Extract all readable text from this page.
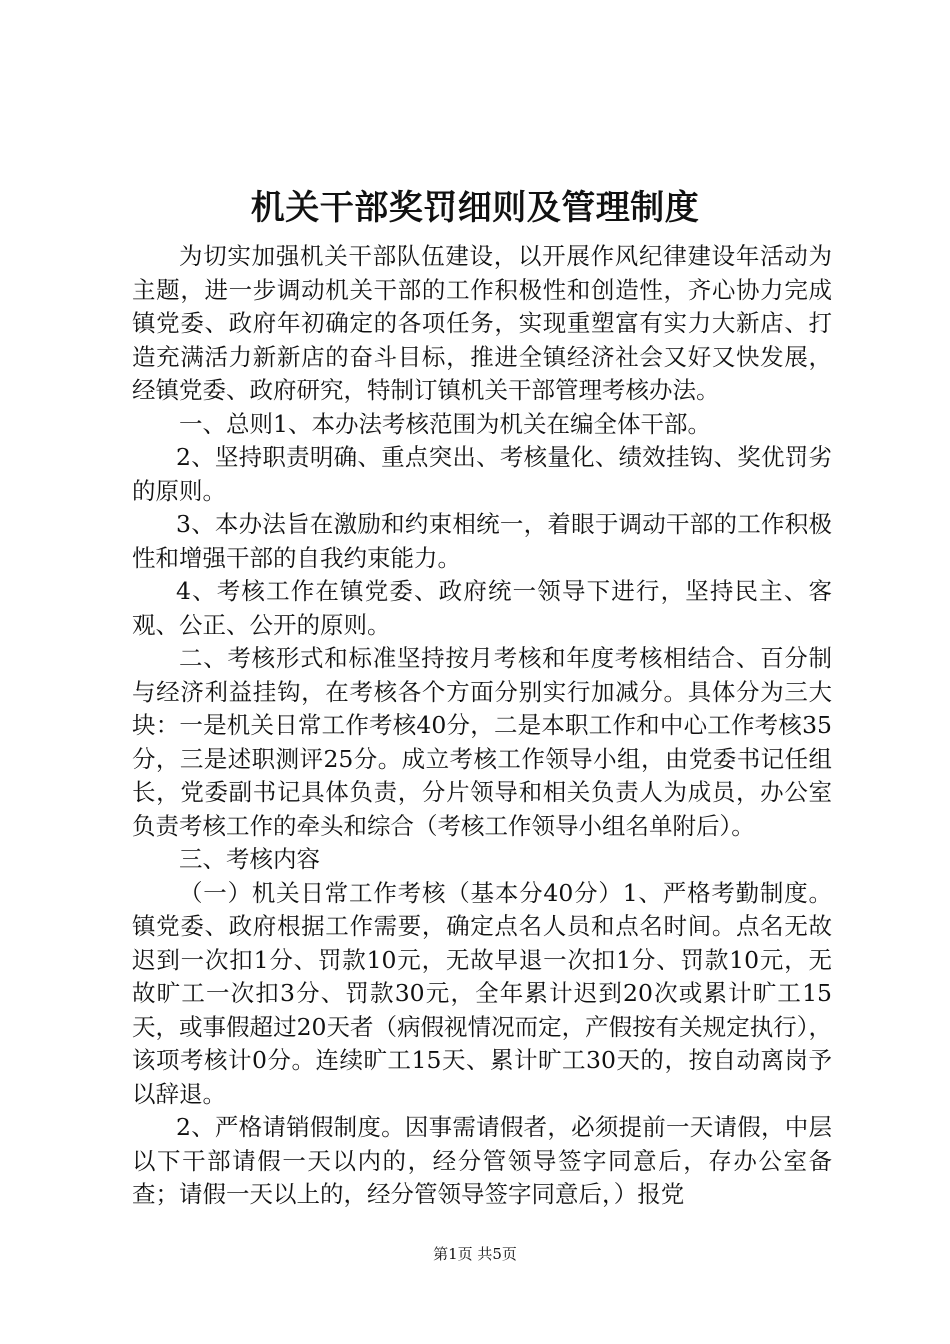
机关干部奖罚细则及管理制度

为切实加强机关干部队伍建设，以开展作风纪律建设年活动为主题，进一步调动机关干部的工作积极性和创造性，齐心协力完成镇党委、政府年初确定的各项任务，实现重塑富有实力大新店、打造充满活力新新店的奋斗目标，推进全镇经济社会又好又快发展，经镇党委、政府研究，特制订镇机关干部管理考核办法。

一、总则1、本办法考核范围为机关在编全体干部。

2、坚持职责明确、重点突出、考核量化、绩效挂钩、奖优罚劣的原则。

3、本办法旨在激励和约束相统一，着眼于调动干部的工作积极性和增强干部的自我约束能力。

4、考核工作在镇党委、政府统一领导下进行，坚持民主、客观、公正、公开的原则。

二、考核形式和标准坚持按月考核和年度考核相结合、百分制与经济利益挂钩，在考核各个方面分别实行加减分。具体分为三大块：一是机关日常工作考核40分，二是本职工作和中心工作考核35分，三是述职测评25分。成立考核工作领导小组，由党委书记任组长，党委副书记具体负责，分片领导和相关负责人为成员，办公室负责考核工作的牵头和综合（考核工作领导小组名单附后）。

三、考核内容

（一）机关日常工作考核（基本分40分）1、严格考勤制度。镇党委、政府根据工作需要，确定点名人员和点名时间。点名无故迟到一次扣1分、罚款10元，无故早退一次扣1分、罚款10元，无故旷工一次扣3分、罚款30元，全年累计迟到20次或累计旷工15天，或事假超过20天者（病假视情况而定，产假按有关规定执行），该项考核计0分。连续旷工15天、累计旷工30天的，按自动离岗予以辞退。

2、严格请销假制度。因事需请假者，必须提前一天请假，中层以下干部请假一天以内的，经分管领导签字同意后，存办公室备查；请假一天以上的，经分管领导签字同意后，）报党

第1页 共5页
